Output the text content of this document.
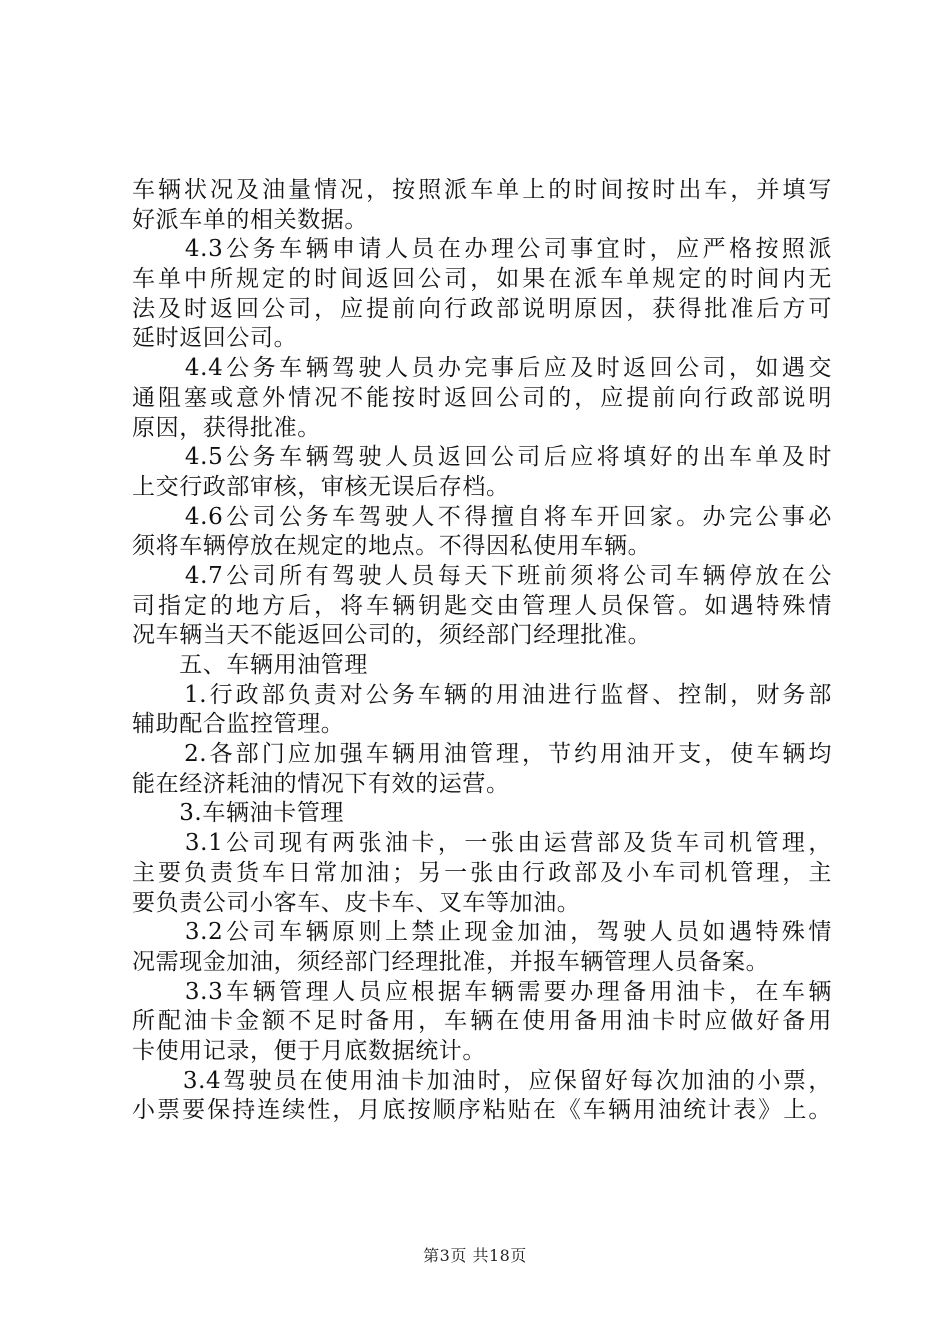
车辆状况及油量情况，按照派车单上的时间按时出车，并填写
好派车单的相关数据。
　　4.3公务车辆申请人员在办理公司事宜时，应严格按照派
车单中所规定的时间返回公司，如果在派车单规定的时间内无
法及时返回公司，应提前向行政部说明原因，获得批准后方可
延时返回公司。
　　4.4公务车辆驾驶人员办完事后应及时返回公司，如遇交
通阻塞或意外情况不能按时返回公司的，应提前向行政部说明
原因，获得批准。
　　4.5公务车辆驾驶人员返回公司后应将填好的出车单及时
上交行政部审核，审核无误后存档。
　　4.6公司公务车驾驶人不得擅自将车开回家。办完公事必
须将车辆停放在规定的地点。不得因私使用车辆。
　　4.7公司所有驾驶人员每天下班前须将公司车辆停放在公
司指定的地方后，将车辆钥匙交由管理人员保管。如遇特殊情
况车辆当天不能返回公司的，须经部门经理批准。
　　五、车辆用油管理
　　1.行政部负责对公务车辆的用油进行监督、控制，财务部
辅助配合监控管理。
　　2.各部门应加强车辆用油管理，节约用油开支，使车辆均
能在经济耗油的情况下有效的运营。
　　3.车辆油卡管理
　　3.1公司现有两张油卡，一张由运营部及货车司机管理，
主要负责货车日常加油；另一张由行政部及小车司机管理，主
要负责公司小客车、皮卡车、叉车等加油。
　　3.2公司车辆原则上禁止现金加油，驾驶人员如遇特殊情
况需现金加油，须经部门经理批准，并报车辆管理人员备案。
　　3.3车辆管理人员应根据车辆需要办理备用油卡，在车辆
所配油卡金额不足时备用，车辆在使用备用油卡时应做好备用
卡使用记录，便于月底数据统计。
　　3.4驾驶员在使用油卡加油时，应保留好每次加油的小票，
小票要保持连续性，月底按顺序粘贴在《车辆用油统计表》上。
第3页 共18页
